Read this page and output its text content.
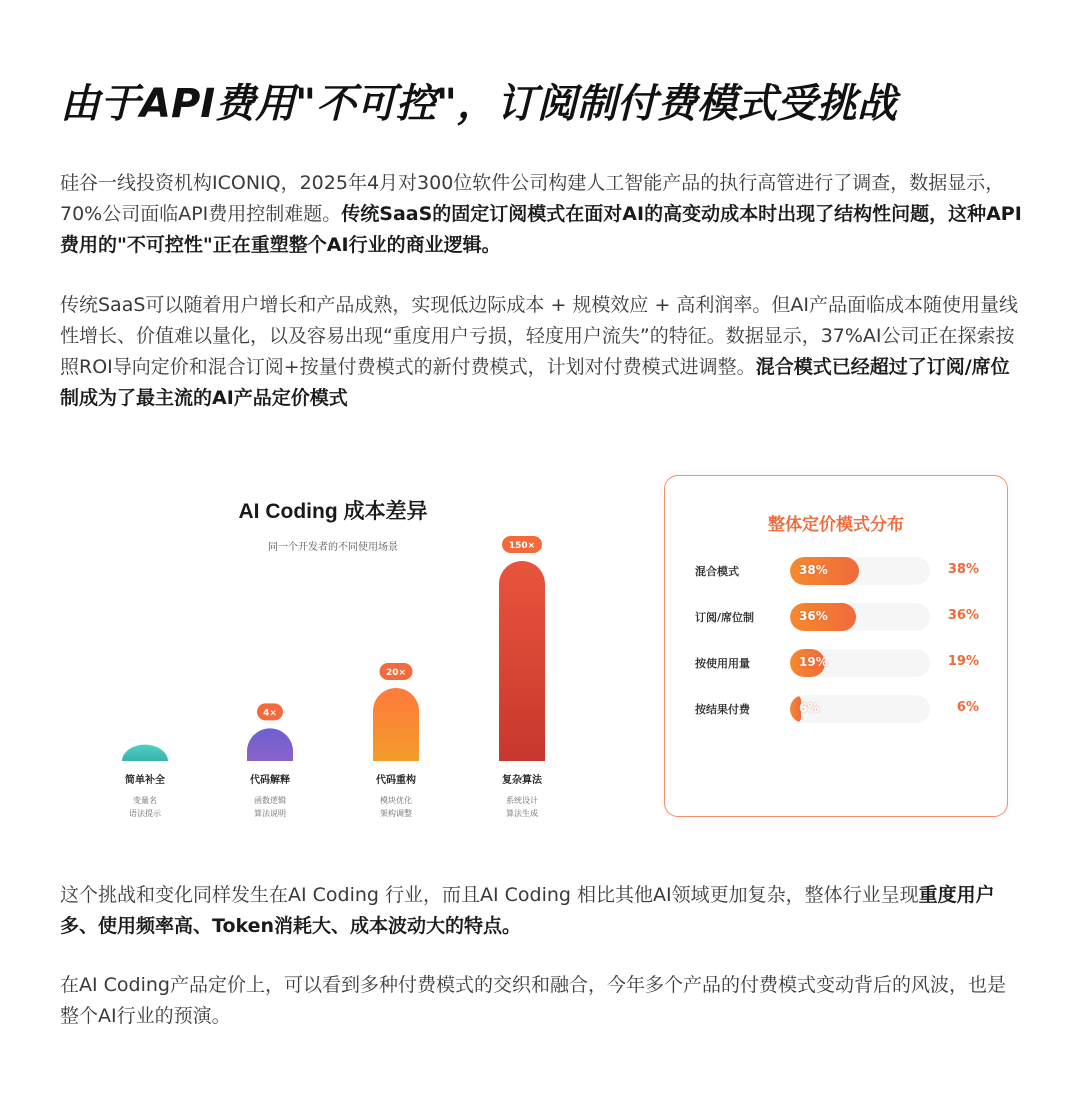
由于API费用"不可控"，订阅制付费模式受挑战
硅谷一线投资机构ICONIQ，2025年4月对300位软件公司构建人工智能产品的执行高管进行了调查，数据显示，70%公司面临API费用控制难题。传统SaaS的固定订阅模式在面对AI的高变动成本时出现了结构性问题，这种API费用的"不可控性"正在重塑整个AI行业的商业逻辑。
传统SaaS可以随着用户增长和产品成熟，实现低边际成本 + 规模效应 + 高利润率。但AI产品面临成本随使用量线性增长、价值难以量化，以及容易出现“重度用户亏损，轻度用户流失”的特征。数据显示，37%AI公司正在探索按照ROI导向定价和混合订阅+按量付费模式的新付费模式，计划对付费模式进调整。混合模式已经超过了订阅/席位制成为了最主流的AI产品定价模式
AI Coding 成本差异
同一个开发者的不同使用场景
简单补全
变量名
语法提示
4×
代码解释
函数逻辑
算法说明
20×
代码重构
模块优化
架构调整
150×
复杂算法
系统设计
算法生成
整体定价模式分布
混合模式	38%	38%
订阅/席位制	36%	36%
按使用用量	19%	19%
按结果付费	6%	6%
这个挑战和变化同样发生在AI Coding 行业，而且AI Coding 相比其他AI领域更加复杂，整体行业呈现重度用户多、使用频率高、Token消耗大、成本波动大的特点。
在AI Coding产品定价上，可以看到多种付费模式的交织和融合，今年多个产品的付费模式变动背后的风波，也是整个AI行业的预演。
